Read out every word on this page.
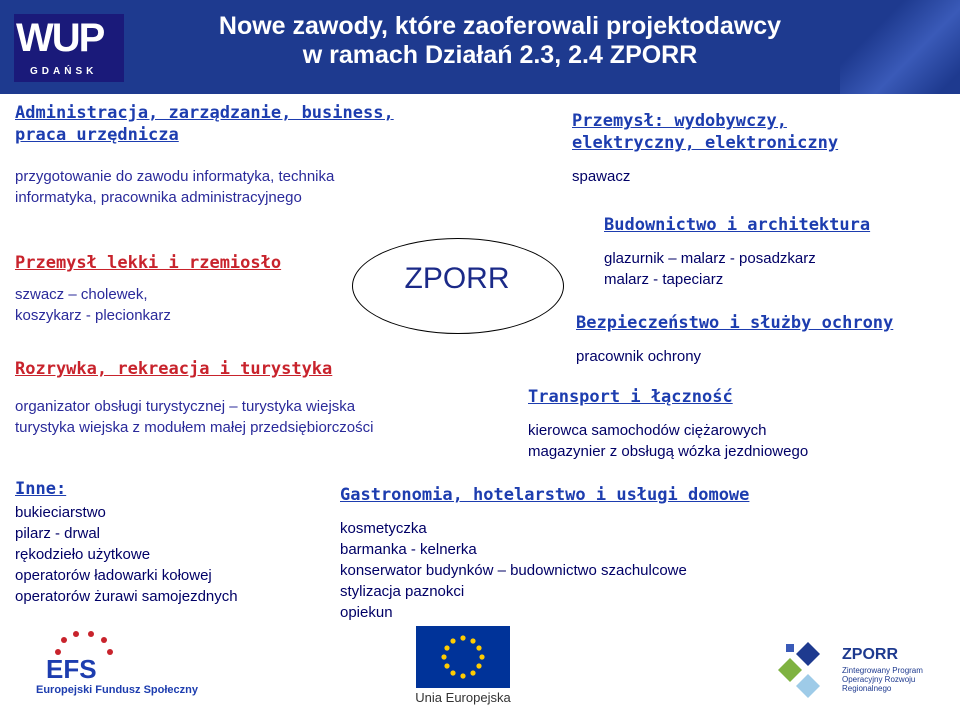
WUP
GDAŃSK
Nowe zawody, które zaoferowali projektodawcy
w ramach Działań 2.3, 2.4 ZPORR
Administracja, zarządzanie, business,
praca urzędnicza
przygotowanie do zawodu informatyka, technika
informatyka, pracownika administracyjnego
Przemysł lekki i rzemiosło
szwacz – cholewek,
koszykarz - plecionkarz
Rozrywka, rekreacja i turystyka
organizator obsługi turystycznej – turystyka wiejska
turystyka wiejska z modułem małej przedsiębiorczości
Inne:
bukieciarstwo
pilarz - drwal
rękodzieło użytkowe
operatorów ładowarki kołowej
operatorów żurawi samojezdnych
ZPORR
Przemysł: wydobywczy,
elektryczny, elektroniczny
spawacz
Budownictwo i architektura
glazurnik – malarz - posadzkarz
malarz - tapeciarz
Bezpieczeństwo i służby ochrony
pracownik ochrony
Transport i łączność
kierowca samochodów ciężarowych
magazynier z obsługą wózka jezdniowego
Gastronomia, hotelarstwo i usługi domowe
kosmetyczka
barmanka - kelnerka
konserwator budynków – budownictwo szachulcowe
stylizacja paznokci
opiekun
EFS
Europejski Fundusz Społeczny	Unia Europejska
ZPORR
Zintegrowany Program Operacyjny Rozwoju Regionalnego
